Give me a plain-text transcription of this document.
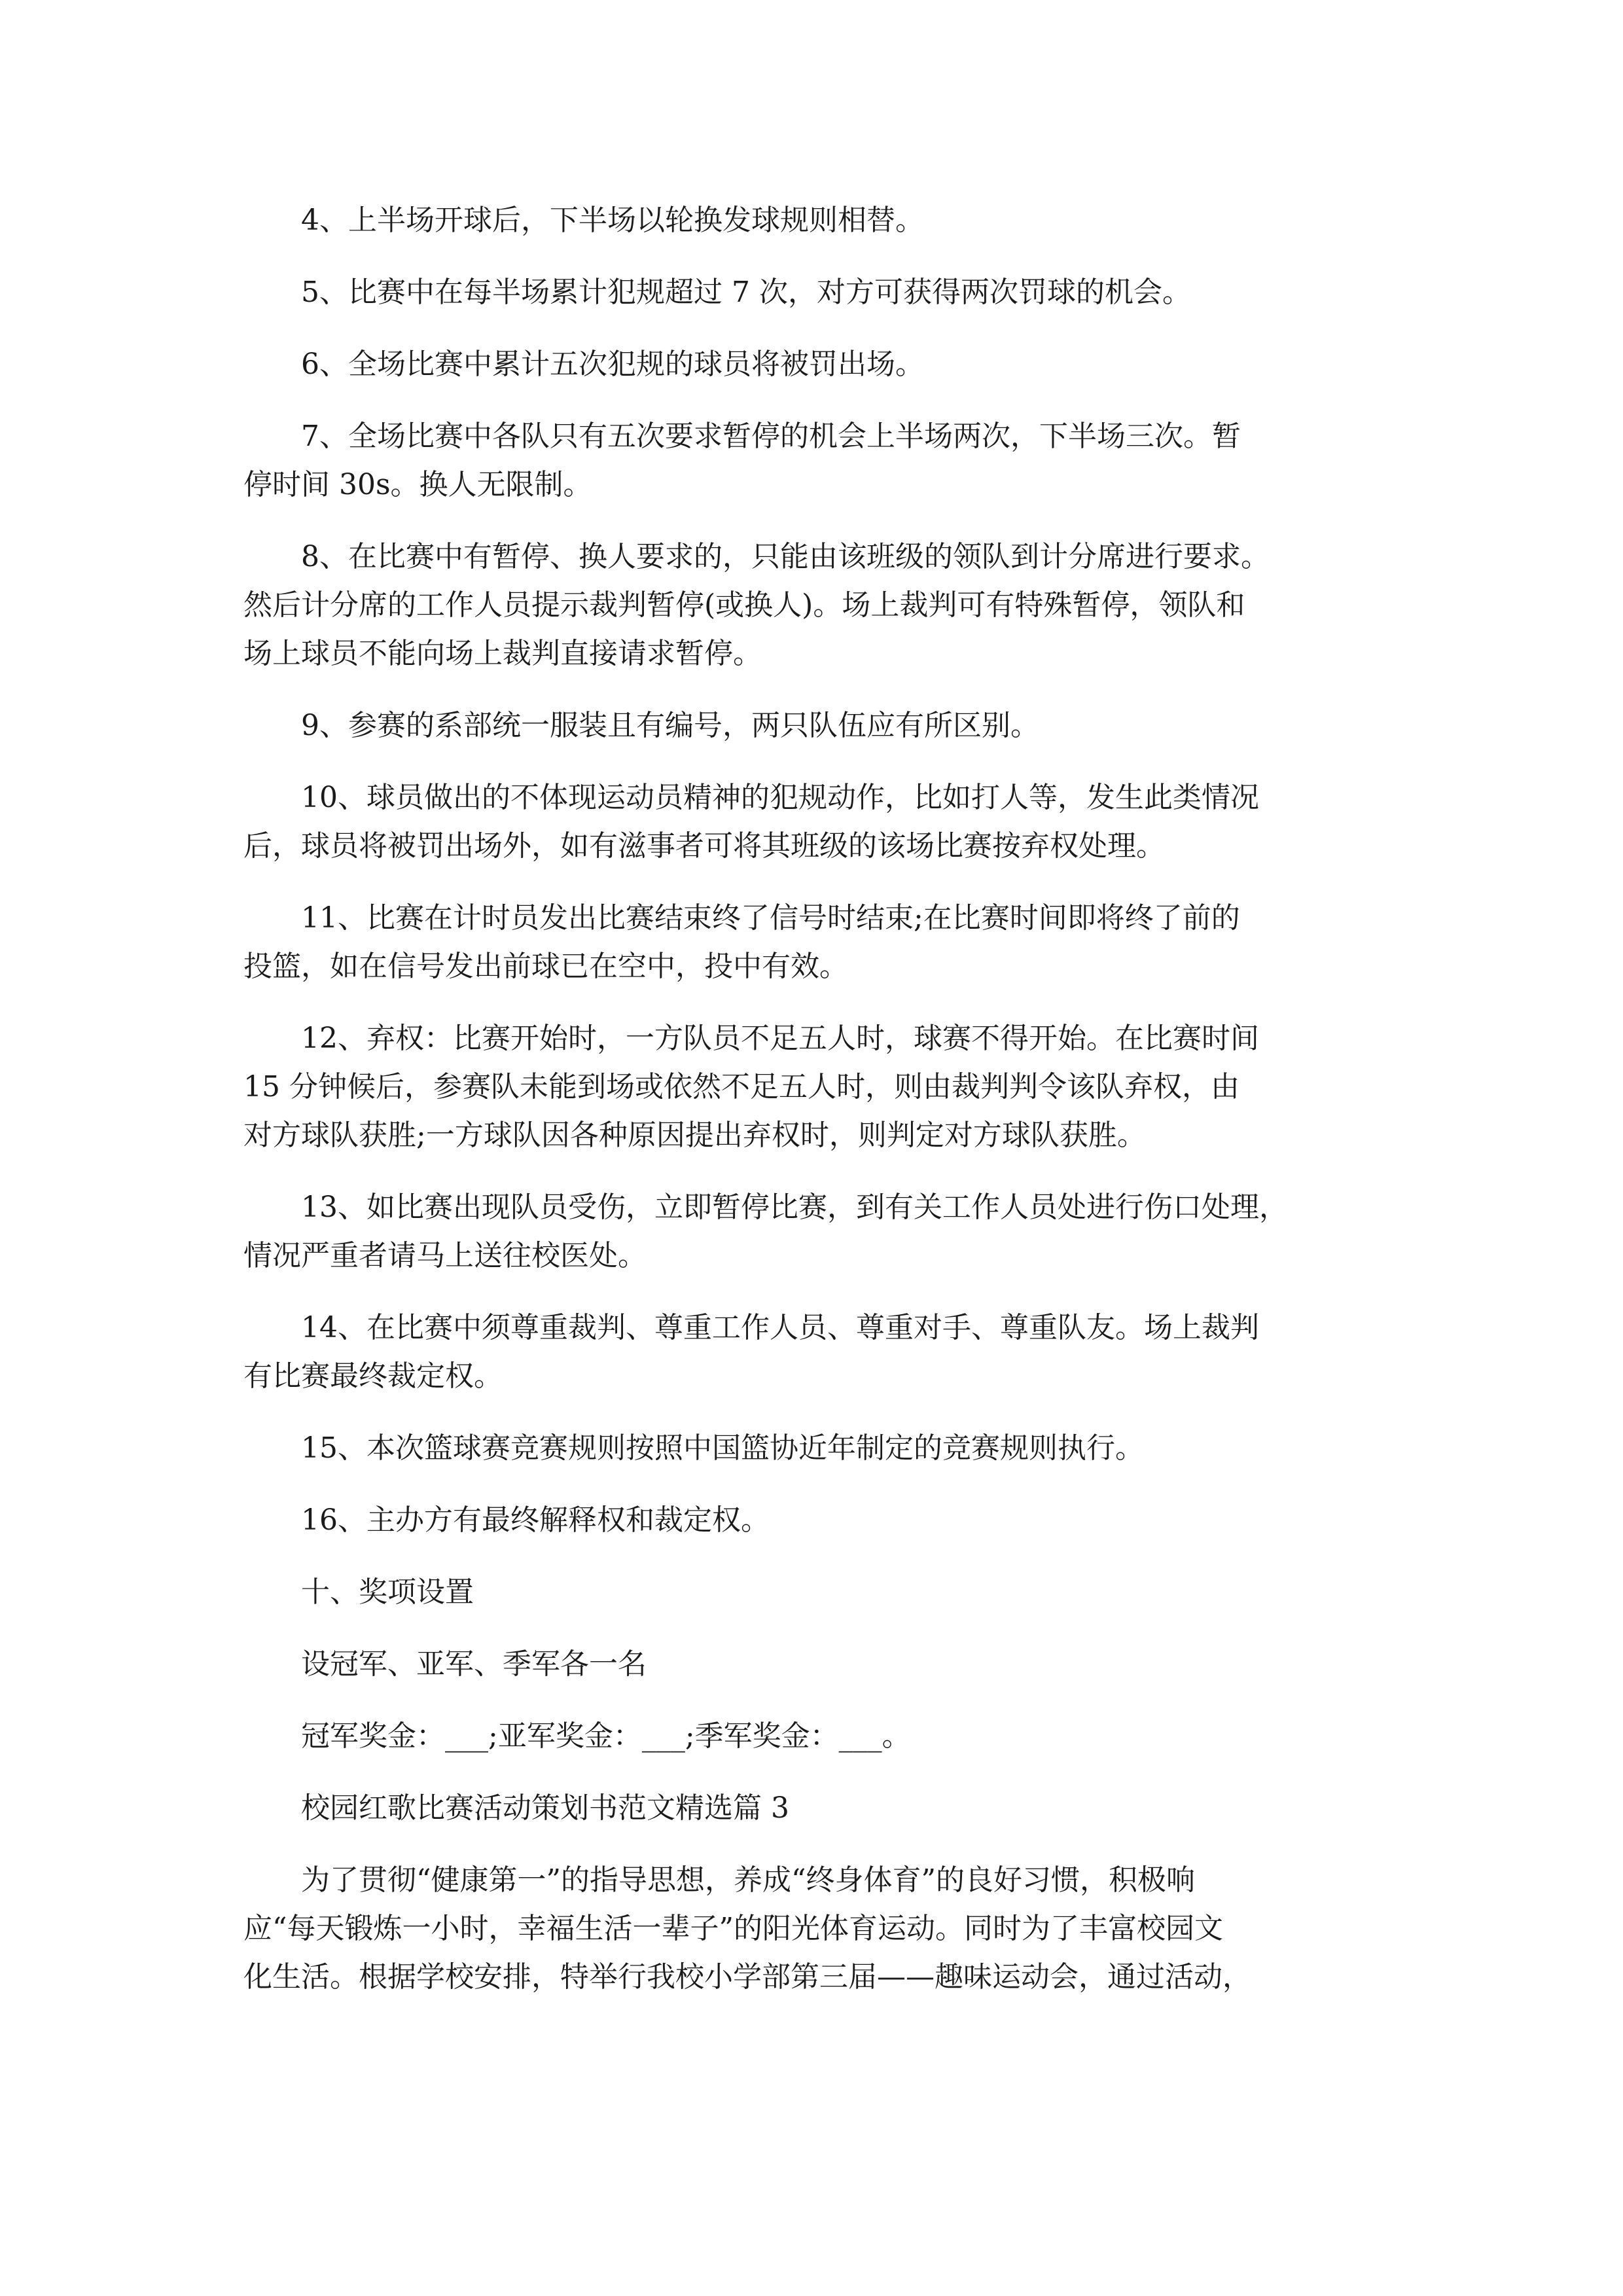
4、上半场开球后，下半场以轮换发球规则相替。
5、比赛中在每半场累计犯规超过 7 次，对方可获得两次罚球的机会。
6、全场比赛中累计五次犯规的球员将被罚出场。
7、全场比赛中各队只有五次要求暂停的机会上半场两次，下半场三次。暂
停时间 30s。换人无限制。
8、在比赛中有暂停、换人要求的，只能由该班级的领队到计分席进行要求。
然后计分席的工作人员提示裁判暂停(或换人)。场上裁判可有特殊暂停，领队和
场上球员不能向场上裁判直接请求暂停。
9、参赛的系部统一服装且有编号，两只队伍应有所区别。
10、球员做出的不体现运动员精神的犯规动作，比如打人等，发生此类情况
后，球员将被罚出场外，如有滋事者可将其班级的该场比赛按弃权处理。
11、比赛在计时员发出比赛结束终了信号时结束;在比赛时间即将终了前的
投篮，如在信号发出前球已在空中，投中有效。
12、弃权：比赛开始时，一方队员不足五人时，球赛不得开始。在比赛时间
15 分钟候后，参赛队未能到场或依然不足五人时，则由裁判判令该队弃权，由
对方球队获胜;一方球队因各种原因提出弃权时，则判定对方球队获胜。
13、如比赛出现队员受伤，立即暂停比赛，到有关工作人员处进行伤口处理，
情况严重者请马上送往校医处。
14、在比赛中须尊重裁判、尊重工作人员、尊重对手、尊重队友。场上裁判
有比赛最终裁定权。
15、本次篮球赛竞赛规则按照中国篮协近年制定的竞赛规则执行。
16、主办方有最终解释权和裁定权。
十、奖项设置
设冠军、亚军、季军各一名
冠军奖金：___;亚军奖金：___;季军奖金：___。
校园红歌比赛活动策划书范文精选篇 3
为了贯彻“健康第一”的指导思想，养成“终身体育”的良好习惯，积极响
应“每天锻炼一小时，幸福生活一辈子”的阳光体育运动。同时为了丰富校园文
化生活。根据学校安排，特举行我校小学部第三届——趣味运动会，通过活动，
